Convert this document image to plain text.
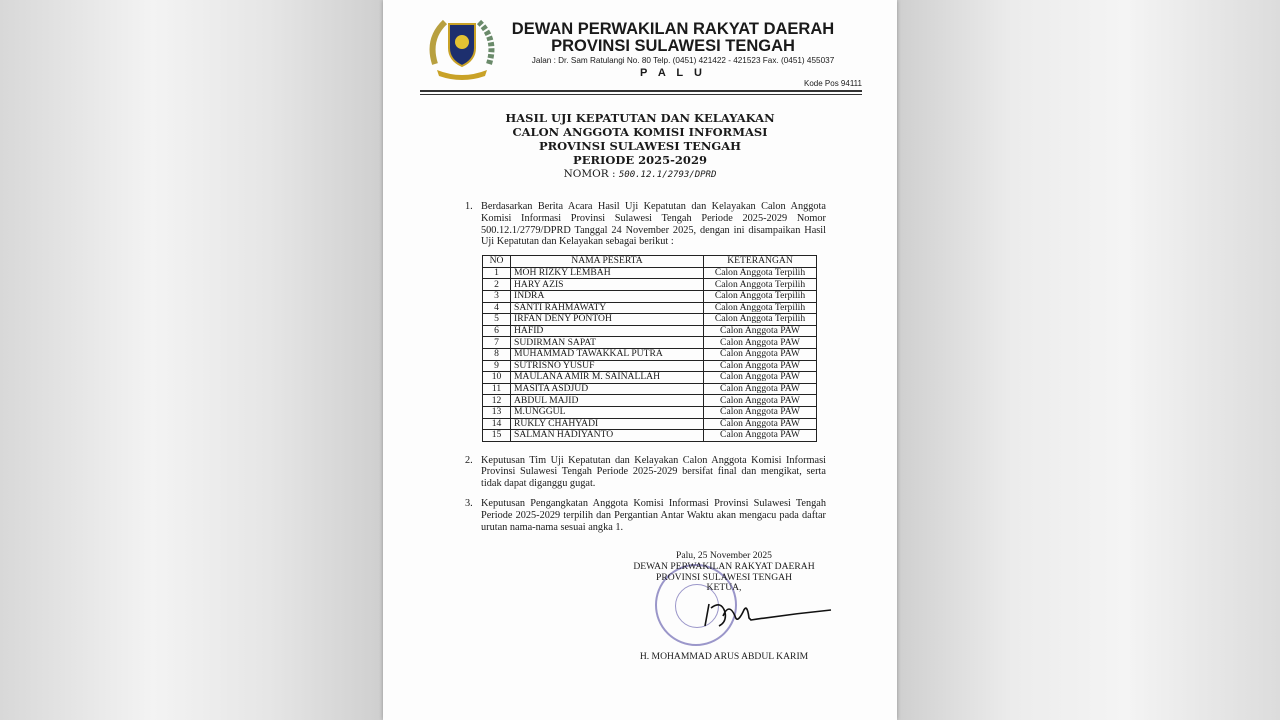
DEWAN PERWAKILAN RAKYAT DAERAH
PROVINSI SULAWESI TENGAH
Jalan : Dr. Sam Ratulangi No. 80 Telp. (0451) 421422 - 421523 Fax. (0451) 455037
P A L U
Kode Pos 94111
HASIL UJI KEPATUTAN DAN KELAYAKAN
CALON ANGGOTA KOMISI INFORMASI
PROVINSI SULAWESI TENGAH
PERIODE 2025-2029
NOMOR : 500.12.1/2793/DPRD
1. Berdasarkan Berita Acara Hasil Uji Kepatutan dan Kelayakan Calon Anggota Komisi Informasi Provinsi Sulawesi Tengah Periode 2025-2029 Nomor 500.12.1/2779/DPRD Tanggal 24 November 2025, dengan ini disampaikan Hasil Uji Kepatutan dan Kelayakan sebagai berikut :
NO	NAMA PESERTA	KETERANGAN
1	MOH RIZKY LEMBAH	Calon Anggota Terpilih
2	HARY AZIS	Calon Anggota Terpilih
3	INDRA	Calon Anggota Terpilih
4	SANTI RAHMAWATY	Calon Anggota Terpilih
5	IRFAN DENY PONTOH	Calon Anggota Terpilih
6	HAFID	Calon Anggota PAW
7	SUDIRMAN SAPAT	Calon Anggota PAW
8	MUHAMMAD TAWAKKAL PUTRA	Calon Anggota PAW
9	SUTRISNO YUSUF	Calon Anggota PAW
10	MAULANA AMIR M. SAINALLAH	Calon Anggota PAW
11	MASITA ASDJUD	Calon Anggota PAW
12	ABDUL MAJID	Calon Anggota PAW
13	M.UNGGUL	Calon Anggota PAW
14	RUKLY CHAHYADI	Calon Anggota PAW
15	SALMAN HADIYANTO	Calon Anggota PAW
2. Keputusan Tim Uji Kepatutan dan Kelayakan Calon Anggota Komisi Informasi Provinsi Sulawesi Tengah Periode 2025-2029 bersifat final dan mengikat, serta tidak dapat diganggu gugat.
3. Keputusan Pengangkatan Anggota Komisi Informasi Provinsi Sulawesi Tengah Periode 2025-2029 terpilih dan Pergantian Antar Waktu akan mengacu pada daftar urutan nama-nama sesuai angka 1.
Palu, 25 November 2025
DEWAN PERWAKILAN RAKYAT DAERAH
PROVINSI SULAWESI TENGAH
KETUA,
H. MOHAMMAD ARUS ABDUL KARIM
